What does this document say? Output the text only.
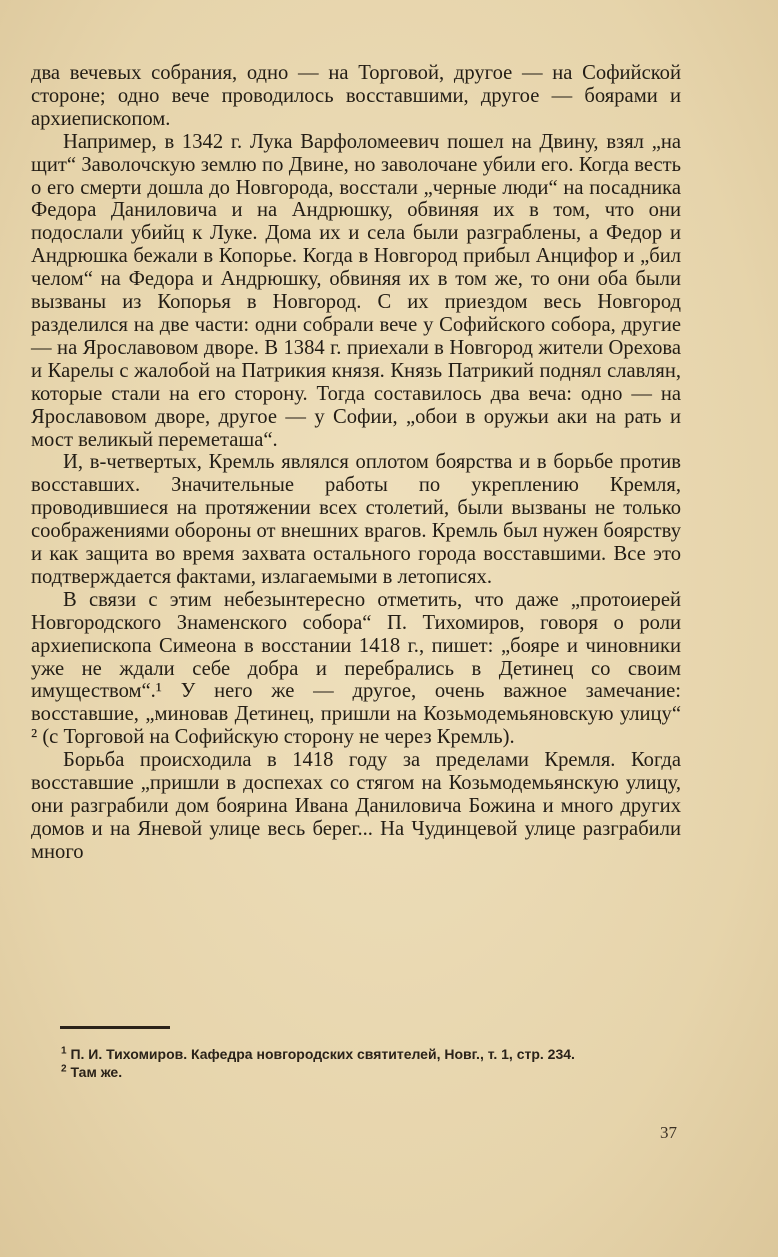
два вечевых собрания, одно — на Торговой, другое — на Софийской стороне; одно вече проводилось восставшими, другое — боярами и архиепископом.

Например, в 1342 г. Лука Варфоломеевич пошел на Двину, взял „на щит“ Заволочскую землю по Двине, но заволочане убили его. Когда весть о его смерти дошла до Новгорода, восстали „черные люди“ на посадника Федора Даниловича и на Андрюшку, обвиняя их в том, что они подослали убийц к Луке. Дома их и села были разграблены, а Федор и Андрюшка бежали в Копорье. Когда в Новгород прибыл Анцифор и „бил челом“ на Федора и Андрюшку, обвиняя их в том же, то они оба были вызваны из Копорья в Новгород. С их приездом весь Новгород разделился на две части: одни собрали вече у Софийского собора, другие — на Ярославовом дворе. В 1384 г. приехали в Новгород жители Орехова и Карелы с жалобой на Патрикия князя. Князь Патрикий поднял славлян, которые стали на его сторону. Тогда составилось два веча: одно — на Ярославовом дворе, другое — у Софии, „обои в оружьи аки на рать и мост великый переметаша“.

И, в-четвертых, Кремль являлся оплотом боярства и в борьбе против восставших. Значительные работы по укреплению Кремля, проводившиеся на протяжении всех столетий, были вызваны не только соображениями обороны от внешних врагов. Кремль был нужен боярству и как защита во время захвата остального города восставшими. Все это подтверждается фактами, излагаемыми в летописях.

В связи с этим небезынтересно отметить, что даже „протоиерей Новгородского Знаменского собора“ П. Тихомиров, говоря о роли архиепископа Симеона в восстании 1418 г., пишет: „бояре и чиновники уже не ждали себе добра и перебрались в Детинец со своим имуществом“.¹ У него же — другое, очень важное замечание: восставшие, „миновав Детинец, пришли на Козьмодемьяновскую улицу“ ² (с Торговой на Софийскую сторону не через Кремль).

Борьба происходила в 1418 году за пределами Кремля. Когда восставшие „пришли в доспехах со стягом на Козьмодемьянскую улицу, они разграбили дом боярина Ивана Даниловича Божина и много других домов и на Яневой улице весь берег... На Чудинцевой улице разграбили много

$^1$ П. И. Тихомиров. Кафедра новгородских святителей, Новг., т. 1, стр. 234.
$^2$ Там же.
37
